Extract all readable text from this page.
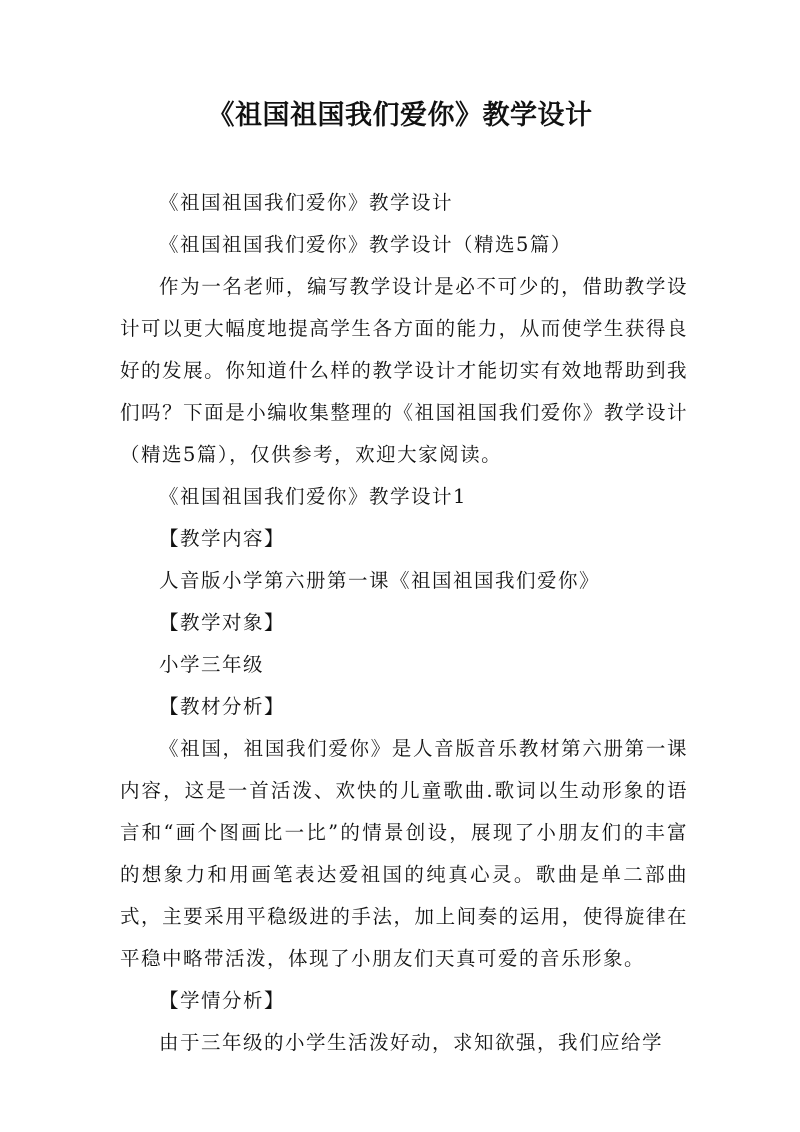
《祖国祖国我们爱你》教学设计

《祖国祖国我们爱你》教学设计

《祖国祖国我们爱你》教学设计（精选5篇）

作为一名老师，编写教学设计是必不可少的，借助教学设计可以更大幅度地提高学生各方面的能力，从而使学生获得良好的发展。你知道什么样的教学设计才能切实有效地帮助到我们吗？下面是小编收集整理的《祖国祖国我们爱你》教学设计（精选5篇），仅供参考，欢迎大家阅读。

《祖国祖国我们爱你》教学设计1

【教学内容】

人音版小学第六册第一课《祖国祖国我们爱你》

【教学对象】

小学三年级

【教材分析】

《祖国，祖国我们爱你》是人音版音乐教材第六册第一课内容，这是一首活泼、欢快的儿童歌曲.歌词以生动形象的语言和“画个图画比一比”的情景创设，展现了小朋友们的丰富的想象力和用画笔表达爱祖国的纯真心灵。歌曲是单二部曲式，主要采用平稳级进的手法，加上间奏的运用，使得旋律在平稳中略带活泼，体现了小朋友们天真可爱的音乐形象。

【学情分析】

由于三年级的小学生活泼好动，求知欲强，我们应给学
